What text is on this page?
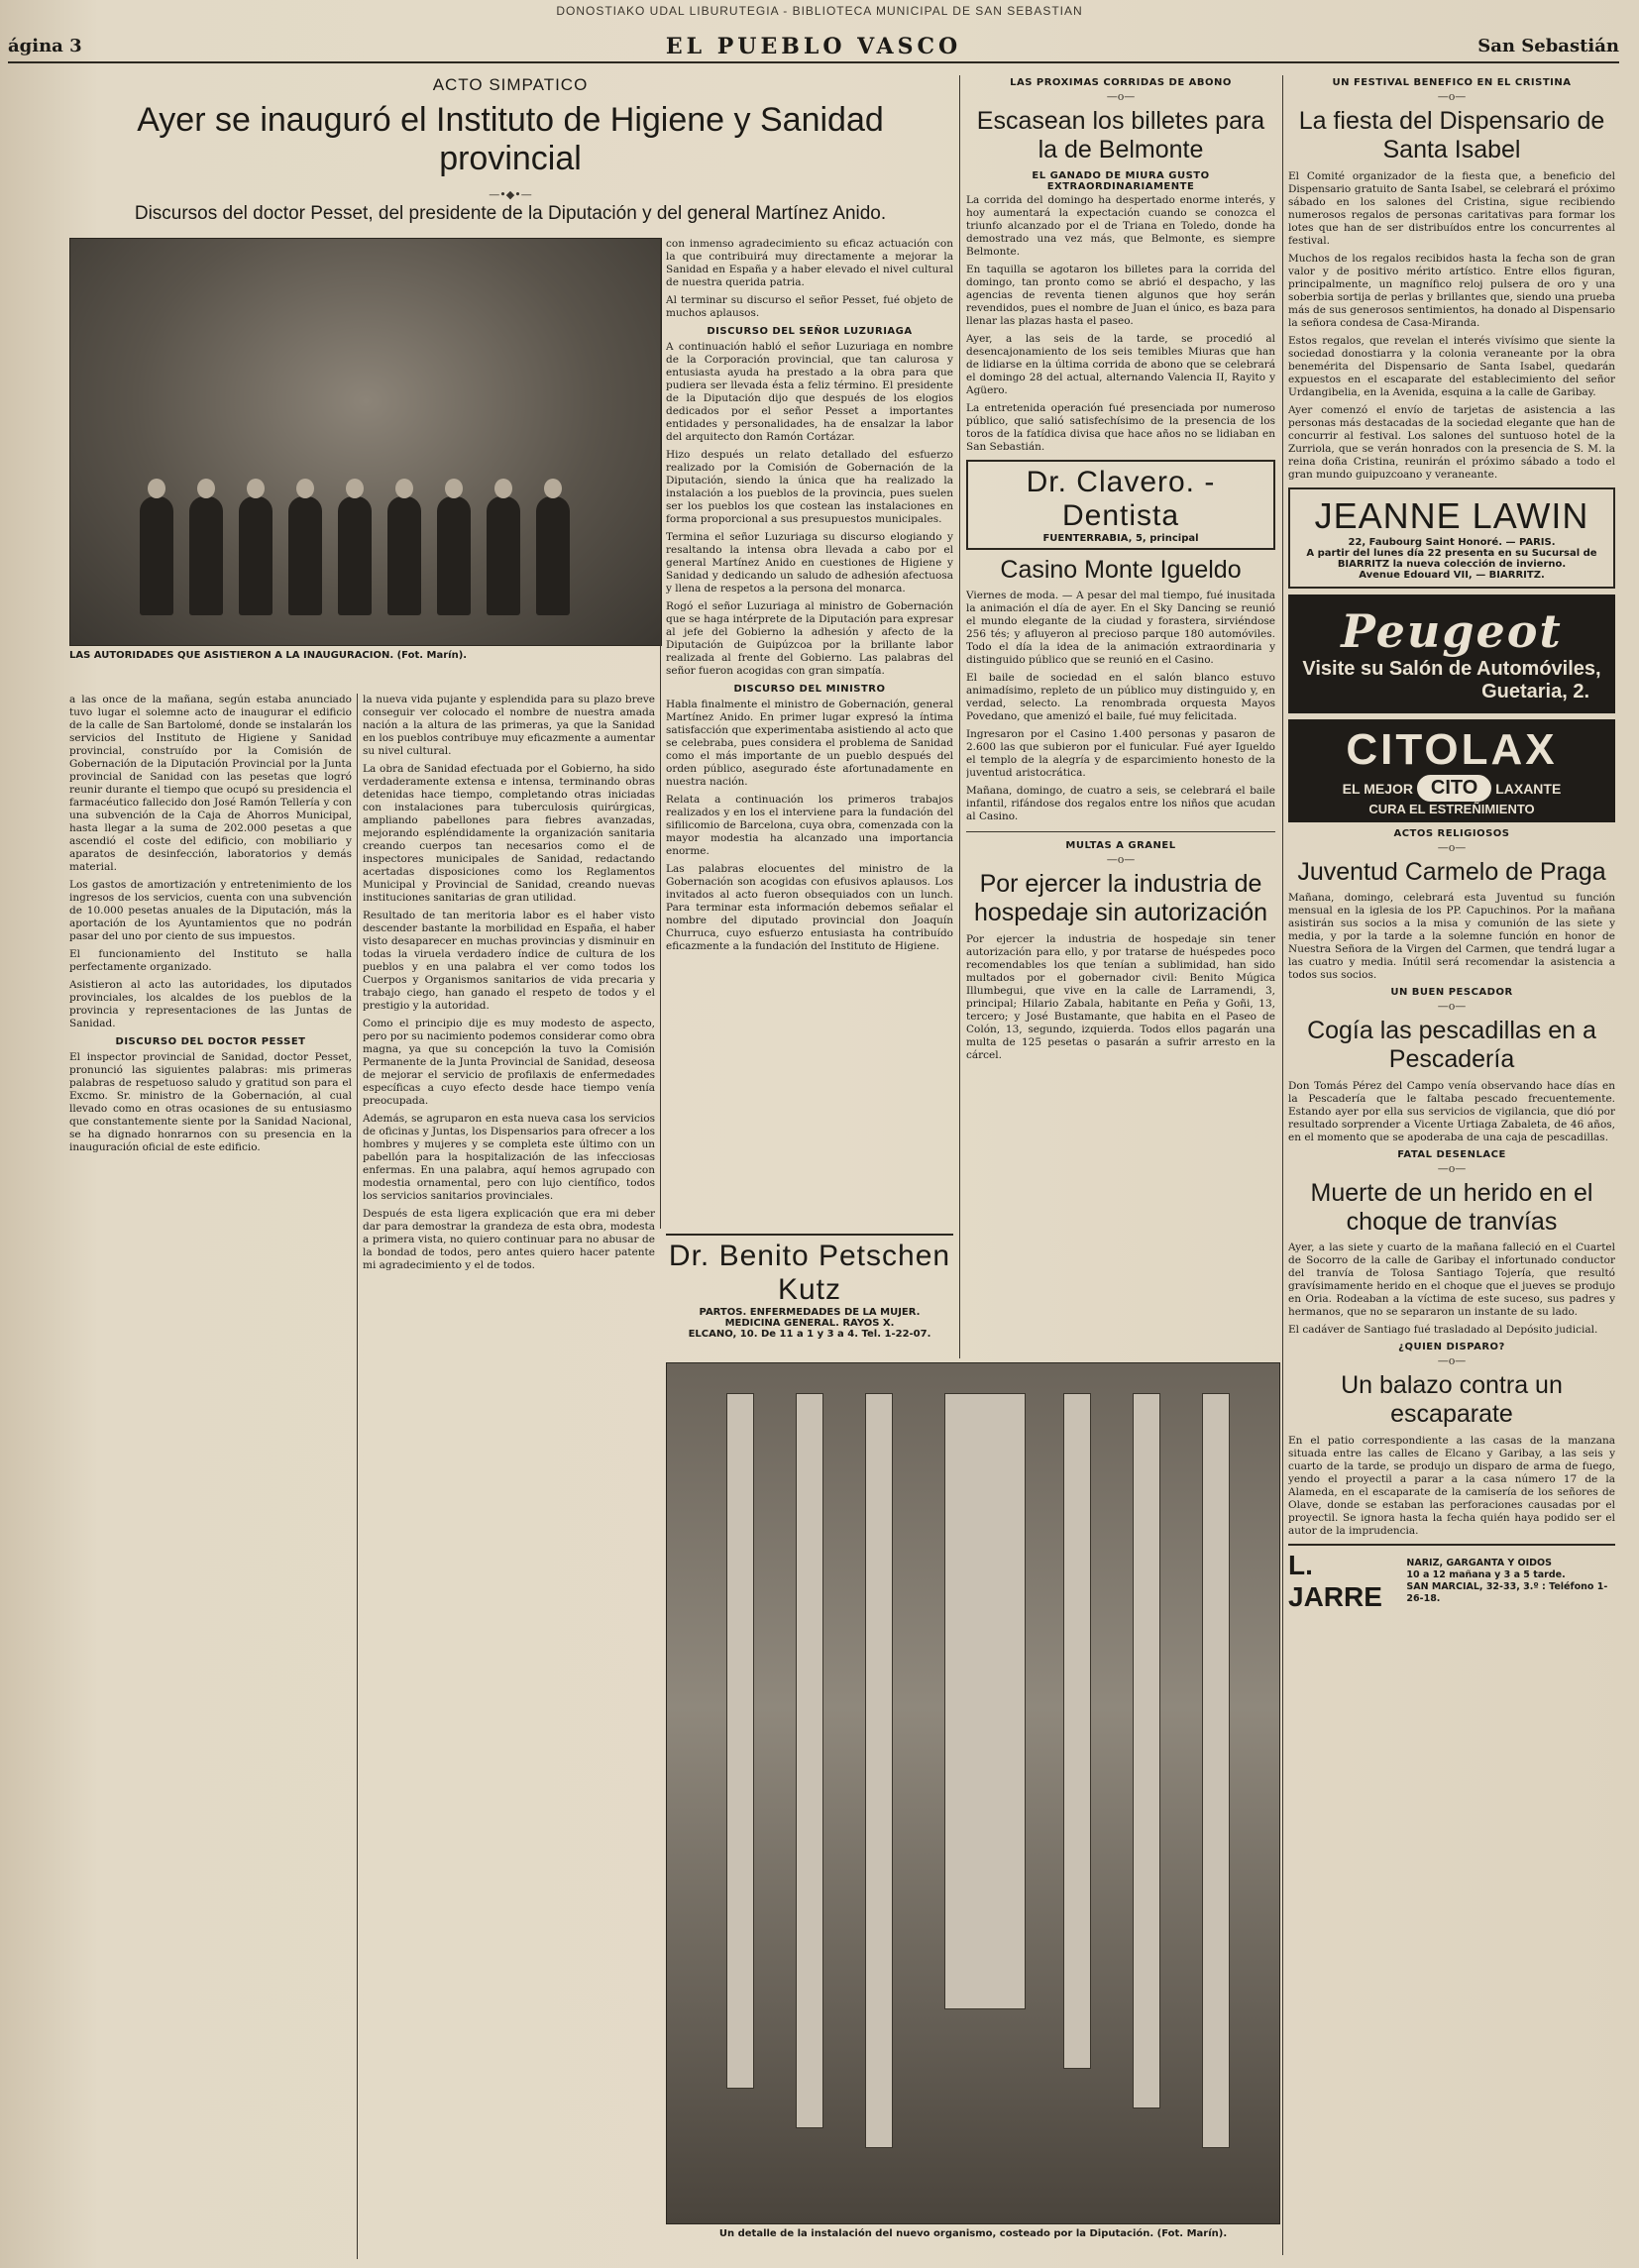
DONOSTIAKO UDAL LIBURUTEGIA - BIBLIOTECA MUNICIPAL DE SAN SEBASTIAN
ágina 3	EL PUEBLO VASCO	San Sebastián
ACTO SIMPATICO
Ayer se inauguró el Instituto de Higiene y Sanidad provincial
—•◆•—
Discursos del doctor Pesset, del presidente de la Diputación y del general Martínez Anido.
LAS AUTORIDADES QUE ASISTIERON A LA INAUGURACION. (Fot. Marín).

a las once de la mañana, según estaba anunciado tuvo lugar el solemne acto de inaugurar el edificio de la calle de San Bartolomé, donde se instalarán los servicios del Instituto de Higiene y Sanidad provincial, construído por la Comisión de Gobernación de la Diputación Provincial por la Junta provincial de Sanidad con las pesetas que logró reunir durante el tiempo que ocupó su presidencia el farmacéutico fallecido don José Ramón Tellería y con una subvención de la Caja de Ahorros Municipal, hasta llegar a la suma de 202.000 pesetas a que ascendió el coste del edificio, con mobiliario y aparatos de desinfección, laboratorios y demás material.

Los gastos de amortización y entretenimiento de los ingresos de los servicios, cuenta con una subvención de 10.000 pesetas anuales de la Diputación, más la aportación de los Ayuntamientos que no podrán pasar del uno por ciento de sus impuestos.

El funcionamiento del Instituto se halla perfectamente organizado.

Asistieron al acto las autoridades, los diputados provinciales, los alcaldes de los pueblos de la provincia y representaciones de las Juntas de Sanidad.

DISCURSO DEL DOCTOR PESSET

El inspector provincial de Sanidad, doctor Pesset, pronunció las siguientes palabras: mis primeras palabras de respetuoso saludo y gratitud son para el Excmo. Sr. ministro de la Gobernación, al cual llevado como en otras ocasiones de su entusiasmo que constantemente siente por la Sanidad Nacional, se ha dignado honrarnos con su presencia en la inauguración oficial de este edificio.

la nueva vida pujante y esplendida para su plazo breve conseguir ver colocado el nombre de nuestra amada nación a la altura de las primeras, ya que la Sanidad en los pueblos contribuye muy eficazmente a aumentar su nivel cultural.

La obra de Sanidad efectuada por el Gobierno, ha sido verdaderamente extensa e intensa, terminando obras detenidas hace tiempo, completando otras iniciadas con instalaciones para tuberculosis quirúrgicas, ampliando pabellones para fiebres avanzadas, mejorando espléndidamente la organización sanitaria creando cuerpos tan necesarios como el de inspectores municipales de Sanidad, redactando acertadas disposiciones como los Reglamentos Municipal y Provincial de Sanidad, creando nuevas instituciones sanitarias de gran utilidad.

Resultado de tan meritoria labor es el haber visto descender bastante la morbilidad en España, el haber visto desaparecer en muchas provincias y disminuir en todas la viruela verdadero índice de cultura de los pueblos y en una palabra el ver como todos los Cuerpos y Organismos sanitarios de vida precaria y trabajo ciego, han ganado el respeto de todos y el prestigio y la autoridad.

Como el principio dije es muy modesto de aspecto, pero por su nacimiento podemos considerar como obra magna, ya que su concepción la tuvo la Comisión Permanente de la Junta Provincial de Sanidad, deseosa de mejorar el servicio de profilaxis de enfermedades específicas a cuyo efecto desde hace tiempo venía preocupada.

Además, se agruparon en esta nueva casa los servicios de oficinas y Juntas, los Dispensarios para ofrecer a los hombres y mujeres y se completa este último con un pabellón para la hospitalización de las infecciosas enfermas. En una palabra, aquí hemos agrupado con modestia ornamental, pero con lujo científico, todos los servicios sanitarios provinciales.

Después de esta ligera explicación que era mi deber dar para demostrar la grandeza de esta obra, modesta a primera vista, no quiero continuar para no abusar de la bondad de todos, pero antes quiero hacer patente mi agradecimiento y el de todos.

con inmenso agradecimiento su eficaz actuación con la que contribuirá muy directamente a mejorar la Sanidad en España y a haber elevado el nivel cultural de nuestra querida patria.

Al terminar su discurso el señor Pesset, fué objeto de muchos aplausos.

DISCURSO DEL SEÑOR LUZURIAGA

A continuación habló el señor Luzuriaga en nombre de la Corporación provincial, que tan calurosa y entusiasta ayuda ha prestado a la obra para que pudiera ser llevada ésta a feliz término. El presidente de la Diputación dijo que después de los elogios dedicados por el señor Pesset a importantes entidades y personalidades, ha de ensalzar la labor del arquitecto don Ramón Cortázar.

Hizo después un relato detallado del esfuerzo realizado por la Comisión de Gobernación de la Diputación, siendo la única que ha realizado la instalación a los pueblos de la provincia, pues suelen ser los pueblos los que costean las instalaciones en forma proporcional a sus presupuestos municipales.

Termina el señor Luzuriaga su discurso elogiando y resaltando la intensa obra llevada a cabo por el general Martínez Anido en cuestiones de Higiene y Sanidad y dedicando un saludo de adhesión afectuosa y llena de respetos a la persona del monarca.

Rogó el señor Luzuriaga al ministro de Gobernación que se haga intérprete de la Diputación para expresar al jefe del Gobierno la adhesión y afecto de la Diputación de Guipúzcoa por la brillante labor realizada al frente del Gobierno. Las palabras del señor fueron acogidas con gran simpatía.

DISCURSO DEL MINISTRO

Habla finalmente el ministro de Gobernación, general Martínez Anido. En primer lugar expresó la íntima satisfacción que experimentaba asistiendo al acto que se celebraba, pues considera el problema de Sanidad como el más importante de un pueblo después del orden público, asegurado éste afortunadamente en nuestra nación.

Relata a continuación los primeros trabajos realizados y en los el interviene para la fundación del sifilicomio de Barcelona, cuya obra, comenzada con la mayor modestia ha alcanzado una importancia enorme.

Las palabras elocuentes del ministro de la Gobernación son acogidas con efusivos aplausos. Los invitados al acto fueron obsequiados con un lunch. Para terminar esta información debemos señalar el nombre del diputado provincial don Joaquín Churruca, cuyo esfuerzo entusiasta ha contribuído eficazmente a la fundación del Instituto de Higiene.

Dr. Benito Petschen Kutz
PARTOS. ENFERMEDADES DE LA MUJER.
MEDICINA GENERAL. RAYOS X.
ELCANO, 10. De 11 a 1 y 3 a 4. Tel. 1-22-07.
Un detalle de la instalación del nuevo organismo, costeado por la Diputación. (Fot. Marín).
LAS PROXIMAS CORRIDAS DE ABONO
—o—
Escasean los billetes para la de Belmonte
EL GANADO DE MIURA GUSTO EXTRAORDINARIAMENTE

La corrida del domingo ha despertado enorme interés, y hoy aumentará la expectación cuando se conozca el triunfo alcanzado por el de Triana en Toledo, donde ha demostrado una vez más, que Belmonte, es siempre Belmonte.

En taquilla se agotaron los billetes para la corrida del domingo, tan pronto como se abrió el despacho, y las agencias de reventa tienen algunos que hoy serán revendidos, pues el nombre de Juan el único, es baza para llenar las plazas hasta el paseo.

Ayer, a las seis de la tarde, se procedió al desencajonamiento de los seis temibles Miuras que han de lidiarse en la última corrida de abono que se celebrará el domingo 28 del actual, alternando Valencia II, Rayito y Agüero.

La entretenida operación fué presenciada por numeroso público, que salió satisfechísimo de la presencia de los toros de la fatídica divisa que hace años no se lidiaban en San Sebastián.

Dr. Clavero. - Dentista
FUENTERRABIA, 5, principal
Casino Monte Igueldo

Viernes de moda. — A pesar del mal tiempo, fué inusitada la animación el día de ayer. En el Sky Dancing se reunió el mundo elegante de la ciudad y forastera, sirviéndose 256 tés; y afluyeron al precioso parque 180 automóviles. Todo el día la idea de la animación extraordinaria y distinguido público que se reunió en el Casino.

El baile de sociedad en el salón blanco estuvo animadísimo, repleto de un público muy distinguido y, en verdad, selecto. La renombrada orquesta Mayos Povedano, que amenizó el baile, fué muy felicitada.

Ingresaron por el Casino 1.400 personas y pasaron de 2.600 las que subieron por el funicular. Fué ayer Igueldo el templo de la alegría y de esparcimiento honesto de la juventud aristocrática.

Mañana, domingo, de cuatro a seis, se celebrará el baile infantil, rifándose dos regalos entre los niños que acudan al Casino.

MULTAS A GRANEL
—o—
Por ejercer la industria de hospedaje sin autorización

Por ejercer la industria de hospedaje sin tener autorización para ello, y por tratarse de huéspedes poco recomendables los que tenían a sublimidad, han sido multados por el gobernador civil: Benito Múgica Illumbegui, que vive en la calle de Larramendi, 3, principal; Hilario Zabala, habitante en Peña y Goñi, 13, tercero; y José Bustamante, que habita en el Paseo de Colón, 13, segundo, izquierda. Todos ellos pagarán una multa de 125 pesetas o pasarán a sufrir arresto en la cárcel.

UN FESTIVAL BENEFICO EN EL CRISTINA
—o—
La fiesta del Dispensario de Santa Isabel

El Comité organizador de la fiesta que, a beneficio del Dispensario gratuito de Santa Isabel, se celebrará el próximo sábado en los salones del Cristina, sigue recibiendo numerosos regalos de personas caritativas para formar los lotes que han de ser distribuídos entre los concurrentes al festival.

Muchos de los regalos recibidos hasta la fecha son de gran valor y de positivo mérito artístico. Entre ellos figuran, principalmente, un magnífico reloj pulsera de oro y una soberbia sortija de perlas y brillantes que, siendo una prueba más de sus generosos sentimientos, ha donado al Dispensario la señora condesa de Casa-Miranda.

Estos regalos, que revelan el interés vivísimo que siente la sociedad donostiarra y la colonia veraneante por la obra benemérita del Dispensario de Santa Isabel, quedarán expuestos en el escaparate del establecimiento del señor Urdangibelia, en la Avenida, esquina a la calle de Garibay.

Ayer comenzó el envío de tarjetas de asistencia a las personas más destacadas de la sociedad elegante que han de concurrir al festival. Los salones del suntuoso hotel de la Zurriola, que se verán honrados con la presencia de S. M. la reina doña Cristina, reunirán el próximo sábado a todo el gran mundo guipuzcoano y veraneante.

JEANNE LAWIN
22, Faubourg Saint Honoré. — PARIS.
A partir del lunes día 22 presenta en su Sucursal de BIARRITZ la nueva colección de invierno.
Avenue Edouard VII, — BIARRITZ.
Peugeot
Visite su Salón de Automóviles,
Guetaria, 2.
CITOLAX
EL MEJOR CITO LAXANTE
CURA EL ESTREÑIMIENTO
ACTOS RELIGIOSOS
—o—
Juventud Carmelo de Praga

Mañana, domingo, celebrará esta Juventud su función mensual en la iglesia de los PP. Capuchinos. Por la mañana asistirán sus socios a la misa y comunión de las siete y media, y por la tarde a la solemne función en honor de Nuestra Señora de la Virgen del Carmen, que tendrá lugar a las cuatro y media. Inútil será recomendar la asistencia a todos sus socios.

UN BUEN PESCADOR
—o—
Cogía las pescadillas en a Pescadería

Don Tomás Pérez del Campo venía observando hace días en la Pescadería que le faltaba pescado frecuentemente. Estando ayer por ella sus servicios de vigilancia, que dió por resultado sorprender a Vicente Urtiaga Zabaleta, de 46 años, en el momento que se apoderaba de una caja de pescadillas.

FATAL DESENLACE
—o—
Muerte de un herido en el choque de tranvías

Ayer, a las siete y cuarto de la mañana falleció en el Cuartel de Socorro de la calle de Garibay el infortunado conductor del tranvía de Tolosa Santiago Tojería, que resultó gravísimamente herido en el choque que el jueves se produjo en Oria. Rodeaban a la víctima de este suceso, sus padres y hermanos, que no se separaron un instante de su lado.

El cadáver de Santiago fué trasladado al Depósito judicial.

¿QUIEN DISPARO?
—o—
Un balazo contra un escaparate

En el patio correspondiente a las casas de la manzana situada entre las calles de Elcano y Garibay, a las seis y cuarto de la tarde, se produjo un disparo de arma de fuego, yendo el proyectil a parar a la casa número 17 de la Alameda, en el escaparate de la camisería de los señores de Olave, donde se estaban las perforaciones causadas por el proyectil. Se ignora hasta la fecha quién haya podido ser el autor de la imprudencia.

L. JARRE
NARIZ, GARGANTA Y OIDOS
10 a 12 mañana y 3 a 5 tarde.
SAN MARCIAL, 32-33, 3.º : Teléfono 1-26-18.
